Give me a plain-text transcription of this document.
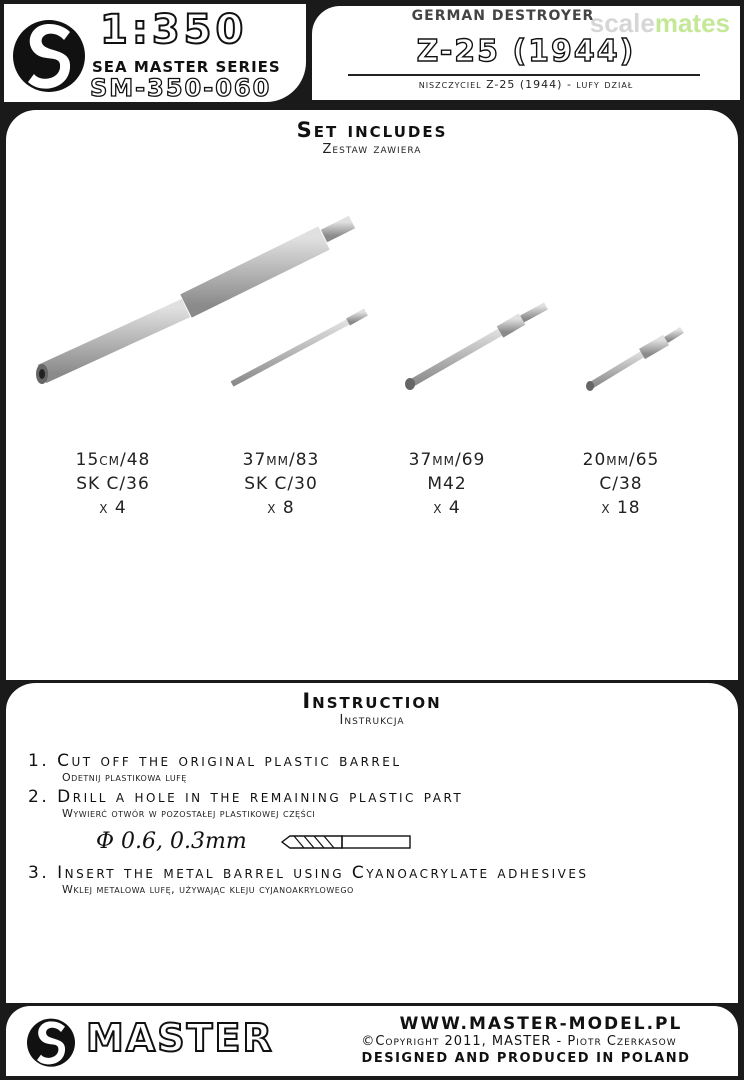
1:350
SEA MASTER SERIES
SM-350-060
GERMAN DESTROYER
scalemates
Z-25 (1944)
niszczyciel Z-25 (1944) - lufy dział
Set includes
Zestaw zawiera
15cm/48
SK C/36
x 4
37mm/83
SK C/30
x 8
37mm/69
M42
x 4
20mm/65
C/38
x 18
Instruction
Instrukcja
1. Cut off the original plastic barrel
Odetnij plastikowa lufę
2. Drill a hole in the remaining plastic part
Wywierć otwór w pozostałej plastikowej części
Φ 0.6, 0.3mm
3. Insert the metal barrel using Cyanoacrylate adhesives
Wklej metalowa lufę, używając kleju cyjanoakrylowego
MASTER	WWW.MASTER-MODEL.PL
©Copyright 2011, MASTER - Piotr Czerkasow
DESIGNED AND PRODUCED IN POLAND
